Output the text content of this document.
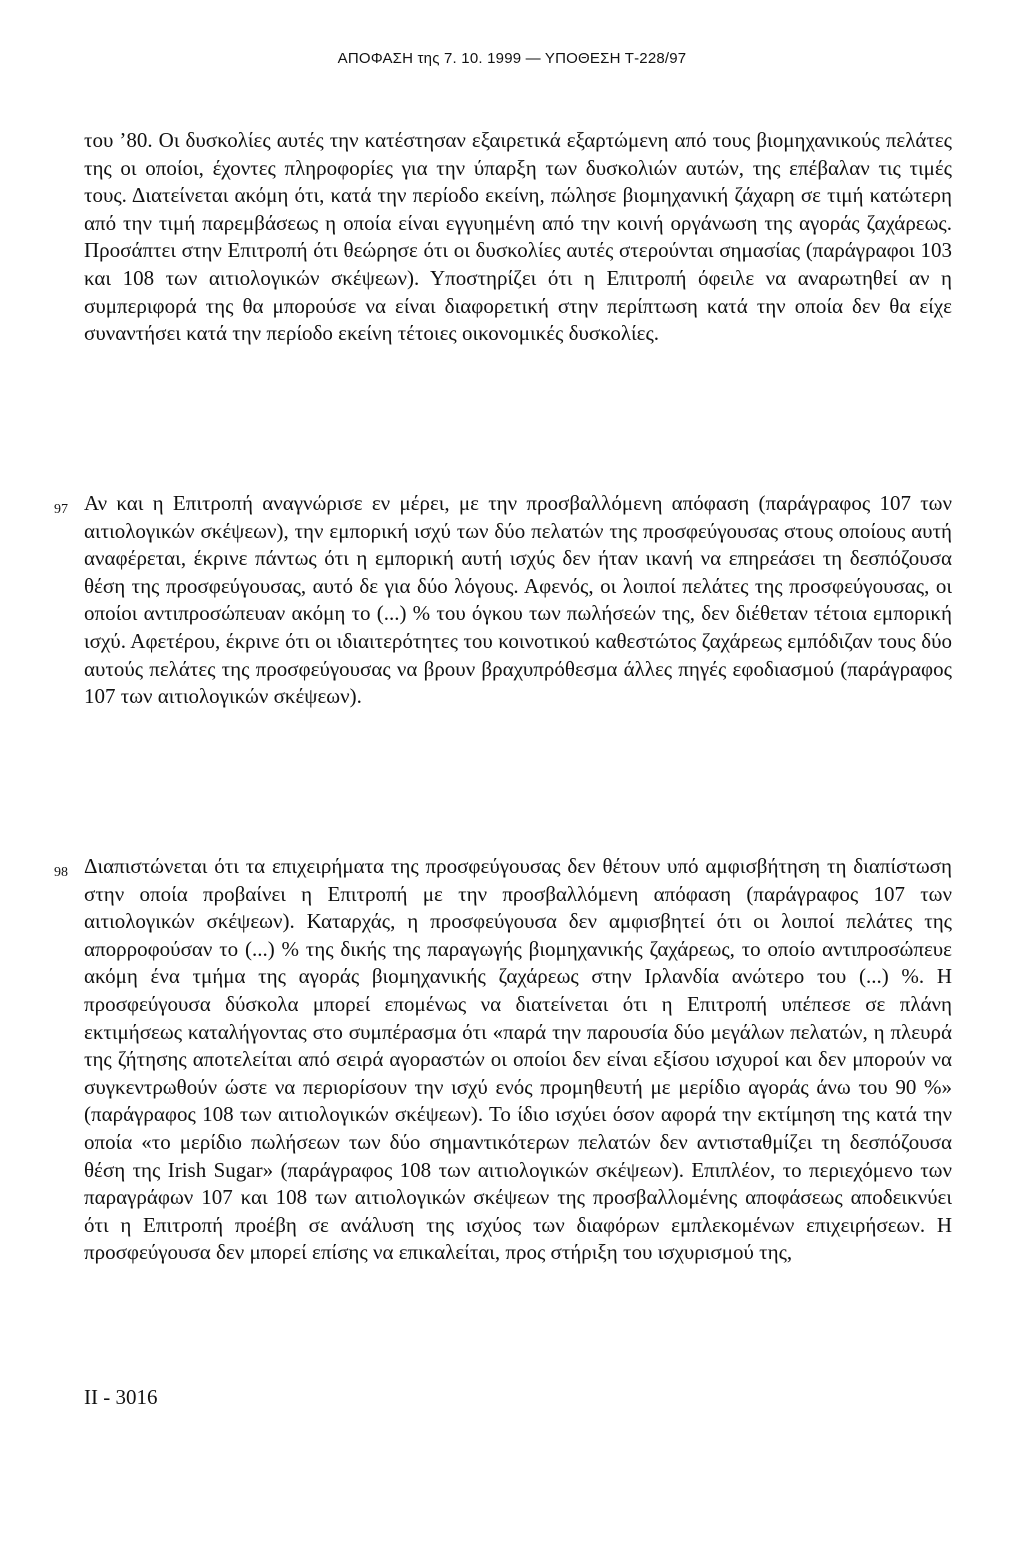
ΑΠΟΦΑΣΗ της 7. 10. 1999 — ΥΠΟΘΕΣΗ Τ-228/97

του ’80. Οι δυσκολίες αυτές την κατέστησαν εξαιρετικά εξαρτώμενη από τους βιομηχανικούς πελάτες της οι οποίοι, έχοντες πληροφορίες για την ύπαρξη των δυσκολιών αυτών, της επέβαλαν τις τιμές τους. Διατείνεται ακόμη ότι, κατά την περίοδο εκείνη, πώλησε βιομηχανική ζάχαρη σε τιμή κατώτερη από την τιμή παρεμβάσεως η οποία είναι εγγυημένη από την κοινή οργάνωση της αγοράς ζαχάρεως. Προσάπτει στην Επιτροπή ότι θεώρησε ότι οι δυσκολίες αυτές στερούνται σημασίας (παράγραφοι 103 και 108 των αιτιολογικών σκέψεων). Υποστηρίζει ότι η Επιτροπή όφειλε να αναρωτηθεί αν η συμπεριφορά της θα μπορούσε να είναι διαφορετική στην περίπτωση κατά την οποία δεν θα είχε συναντήσει κατά την περίοδο εκείνη τέτοιες οικονομικές δυσκολίες.

97 Αν και η Επιτροπή αναγνώρισε εν μέρει, με την προσβαλλόμενη απόφαση (παράγραφος 107 των αιτιολογικών σκέψεων), την εμπορική ισχύ των δύο πελατών της προσφεύγουσας στους οποίους αυτή αναφέρεται, έκρινε πάντως ότι η εμπορική αυτή ισχύς δεν ήταν ικανή να επηρεάσει τη δεσπόζουσα θέση της προσφεύγουσας, αυτό δε για δύο λόγους. Αφενός, οι λοιποί πελάτες της προσφεύγουσας, οι οποίοι αντιπροσώπευαν ακόμη το (...) % του όγκου των πωλήσεών της, δεν διέθεταν τέτοια εμπορική ισχύ. Αφετέρου, έκρινε ότι οι ιδιαιτερότητες του κοινοτικού καθεστώτος ζαχάρεως εμπόδιζαν τους δύο αυτούς πελάτες της προσφεύγουσας να βρουν βραχυπρόθεσμα άλλες πηγές εφοδιασμού (παράγραφος 107 των αιτιολογικών σκέψεων).

98 Διαπιστώνεται ότι τα επιχειρήματα της προσφεύγουσας δεν θέτουν υπό αμφισβήτηση τη διαπίστωση στην οποία προβαίνει η Επιτροπή με την προσβαλλόμενη απόφαση (παράγραφος 107 των αιτιολογικών σκέψεων). Καταρχάς, η προσφεύγουσα δεν αμφισβητεί ότι οι λοιποί πελάτες της απορροφούσαν το (...) % της δικής της παραγωγής βιομηχανικής ζαχάρεως, το οποίο αντιπροσώπευε ακόμη ένα τμήμα της αγοράς βιομηχανικής ζαχάρεως στην Ιρλανδία ανώτερο του (...) %. Η προσφεύγουσα δύσκολα μπορεί επομένως να διατείνεται ότι η Επιτροπή υπέπεσε σε πλάνη εκτιμήσεως καταλήγοντας στο συμπέρασμα ότι «παρά την παρουσία δύο μεγάλων πελατών, η πλευρά της ζήτησης αποτελείται από σειρά αγοραστών οι οποίοι δεν είναι εξίσου ισχυροί και δεν μπορούν να συγκεντρωθούν ώστε να περιορίσουν την ισχύ ενός προμηθευτή με μερίδιο αγοράς άνω του 90 %» (παράγραφος 108 των αιτιολογικών σκέψεων). Το ίδιο ισχύει όσον αφορά την εκτίμηση της κατά την οποία «το μερίδιο πωλήσεων των δύο σημαντικότερων πελατών δεν αντισταθμίζει τη δεσπόζουσα θέση της Irish Sugar» (παράγραφος 108 των αιτιολογικών σκέψεων). Επιπλέον, το περιεχόμενο των παραγράφων 107 και 108 των αιτιολογικών σκέψεων της προσβαλλομένης αποφάσεως αποδεικνύει ότι η Επιτροπή προέβη σε ανάλυση της ισχύος των διαφόρων εμπλεκομένων επιχειρήσεων. Η προσφεύγουσα δεν μπορεί επίσης να επικαλείται, προς στήριξη του ισχυρισμού της,

II - 3016
